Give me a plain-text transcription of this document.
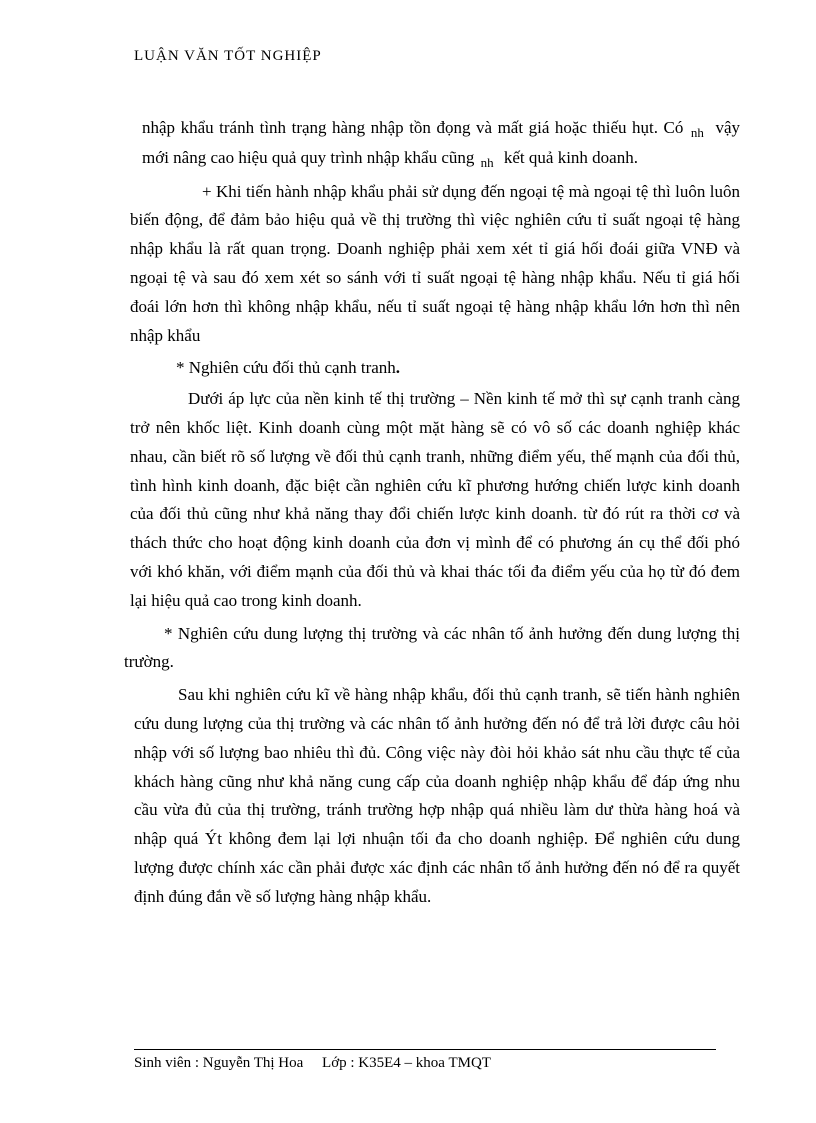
LUẬN VĂN TỐT NGHIỆP

nhập khẩu tránh tình trạng hàng nhập tồn đọng và mất giá hoặc thiếu hụt. Có $_{nh}$ vậy mới nâng cao hiệu quả quy trình nhập khẩu cũng $_{nh}$ kết quả kinh doanh.

+ Khi tiến hành nhập khẩu phải sử dụng đến ngoại tệ mà ngoại tệ thì luôn luôn biến động, để đảm bảo hiệu quả về thị trường thì việc nghiên cứu tỉ suất ngoại tệ hàng nhập khẩu là rất quan trọng. Doanh nghiệp phải xem xét tỉ giá hối đoái giữa VNĐ và ngoại tệ và sau đó xem xét so sánh với tỉ suất ngoại tệ hàng nhập khẩu. Nếu tỉ giá hối đoái lớn hơn thì không nhập khẩu, nếu tỉ suất ngoại tệ hàng nhập khẩu lớn hơn thì nên nhập khẩu

* Nghiên cứu đối thủ cạnh tranh.

Dưới áp lực của nền kinh tế thị trường – Nền kinh tế mở thì sự cạnh tranh càng trở nên khốc liệt. Kinh doanh cùng một mặt hàng sẽ có vô số các doanh nghiệp khác nhau, cần biết rõ số lượng về đối thủ cạnh tranh, những điểm yếu, thế mạnh của đối thủ, tình hình kinh doanh, đặc biệt cần nghiên cứu kĩ phương hướng chiến lược kinh doanh của đối thủ cũng như khả năng thay đổi chiến lược kinh doanh. từ đó rút ra thời cơ và thách thức cho hoạt động kinh doanh của đơn vị mình để có phương án cụ thể đối phó với khó khăn, với điểm mạnh của đối thủ và khai thác tối đa điểm yếu của họ từ đó đem lại hiệu quả cao trong kinh doanh.

* Nghiên cứu dung lượng thị trường và các nhân tố ảnh hưởng đến dung lượng thị trường.

Sau khi nghiên cứu kĩ về hàng nhập khẩu, đối thủ cạnh tranh, sẽ tiến hành nghiên cứu dung lượng của thị trường và các nhân tố ảnh hưởng đến nó để trả lời được câu hỏi nhập với số lượng bao nhiêu thì đủ. Công việc này đòi hỏi khảo sát nhu cầu thực tế của khách hàng cũng như khả năng cung cấp của doanh nghiệp nhập khẩu để đáp ứng nhu cầu vừa đủ của thị trường, tránh trường hợp nhập quá nhiều làm dư thừa hàng hoá và nhập quá Ýt không đem lại lợi nhuận tối đa cho doanh nghiệp. Để nghiên cứu dung lượng được chính xác cần phải được xác định các nhân tố ảnh hưởng đến nó để ra quyết định đúng đắn về số lượng hàng nhập khẩu.

Sinh viên : Nguyễn Thị Hoa Lớp : K35E4 – khoa TMQT
